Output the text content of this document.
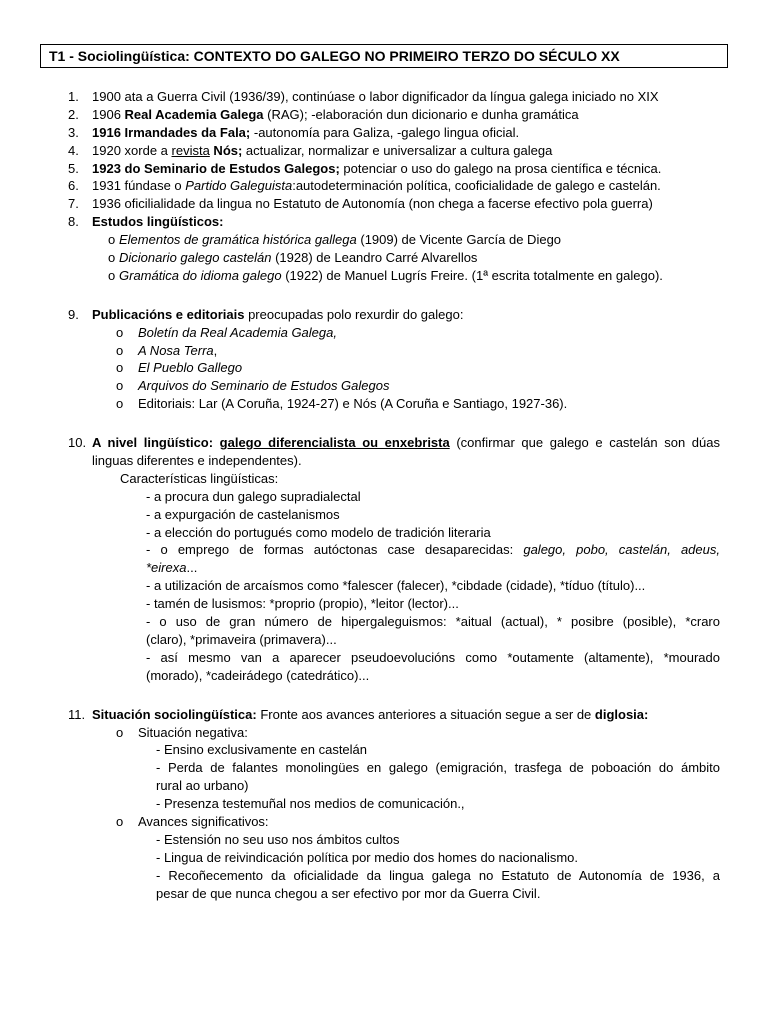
T1 - Sociolingüística: CONTEXTO DO GALEGO NO PRIMEIRO TERZO DO SÉCULO XX
1.	1900 ata a Guerra Civil (1936/39), continúase o labor dignificador da língua galega iniciado no XIX
2.	1906 Real Academia Galega (RAG); -elaboración dun dicionario e dunha gramática
3.	1916 Irmandades da Fala; -autonomía para Galiza, -galego lingua oficial.
4.	1920 xorde a revista Nós; actualizar, normalizar e universalizar a cultura galega
5.	1923 do Seminario de Estudos Galegos; potenciar o uso do galego na prosa científica e técnica.
6.	1931 fúndase o Partido Galeguista:autodeterminación política, cooficialidade de galego e castelán.
7.	1936 oficilialidade da lingua no Estatuto de Autonomía (non chega a facerse efectivo pola guerra)
8.	Estudos lingüísticos:
o Elementos de gramática histórica gallega (1909) de Vicente García de Diego
o Dicionario galego castelán (1928) de Leandro Carré Alvarellos
o Gramática do idioma galego (1922) de Manuel Lugrís Freire. (1ª escrita totalmente en galego).
9.	Publicacións e editoriais preocupadas polo rexurdir do galego:
o Boletín da Real Academia Galega,
o A Nosa Terra,
o El Pueblo Gallego
o Arquivos do Seminario de Estudos Galegos
o Editoriais: Lar (A Coruña, 1924-27) e Nós (A Coruña e Santiago, 1927-36).
10. A nivel lingüístico: galego diferencialista ou enxebrista (confirmar que galego e castelán son dúas
linguas diferentes e independentes).
Características lingüísticas:
- a procura dun galego supradialectal
- a expurgación de castelanismos
- a elección do portugués como modelo de tradición literaria
- o emprego de formas autóctonas case desaparecidas: galego, pobo, castelán, adeus,
*eirexa...
- a utilización de arcaísmos como *falescer (falecer), *cibdade (cidade), *tíduo (título)...
- tamén de lusismos: *proprio (propio), *leitor (lector)...
- o uso de gran número de hipergaleguismos: *aitual (actual), * posibre (posible), *craro
(claro), *primaveira (primavera)...
- así mesmo van a aparecer pseudoevolucións como *outamente (altamente), *mourado
(morado), *cadeirádego (catedrático)...
11. Situación sociolingüística: Fronte aos avances anteriores a situación segue a ser de diglosia:
o Situación negativa:
- Ensino exclusivamente en castelán
- Perda de falantes monolingües en galego (emigración, trasfega de poboación do ámbito
rural ao urbano)
- Presenza testemuñal nos medios de comunicación.,
o Avances significativos:
- Estensión no seu uso nos ámbitos cultos
- Lingua de reivindicación política por medio dos homes do nacionalismo.
- Recoñecemento da oficialidade da lingua galega no Estatuto de Autonomía de 1936, a
pesar de que nunca chegou a ser efectivo por mor da Guerra Civil.
